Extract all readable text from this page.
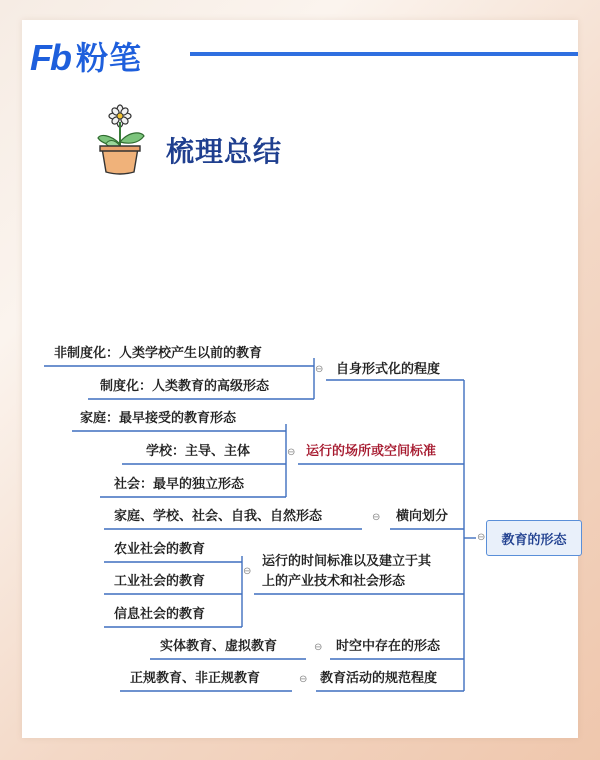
Fb 粉笔
梳理总结
⊖
⊖
⊖
⊖
⊖
⊖
⊖	教育的形态
非制度化：人类学校产生以前的教育
制度化：人类教育的高级形态
自身形式化的程度
家庭：最早接受的教育形态
学校：主导、主体
社会：最早的独立形态
运行的场所或空间标准
家庭、学校、社会、自我、自然形态	横向划分
农业社会的教育
工业社会的教育
信息社会的教育
运行的时间标准以及建立于其
上的产业技术和社会形态
实体教育、虚拟教育	时空中存在的形态
正规教育、非正规教育	教育活动的规范程度
